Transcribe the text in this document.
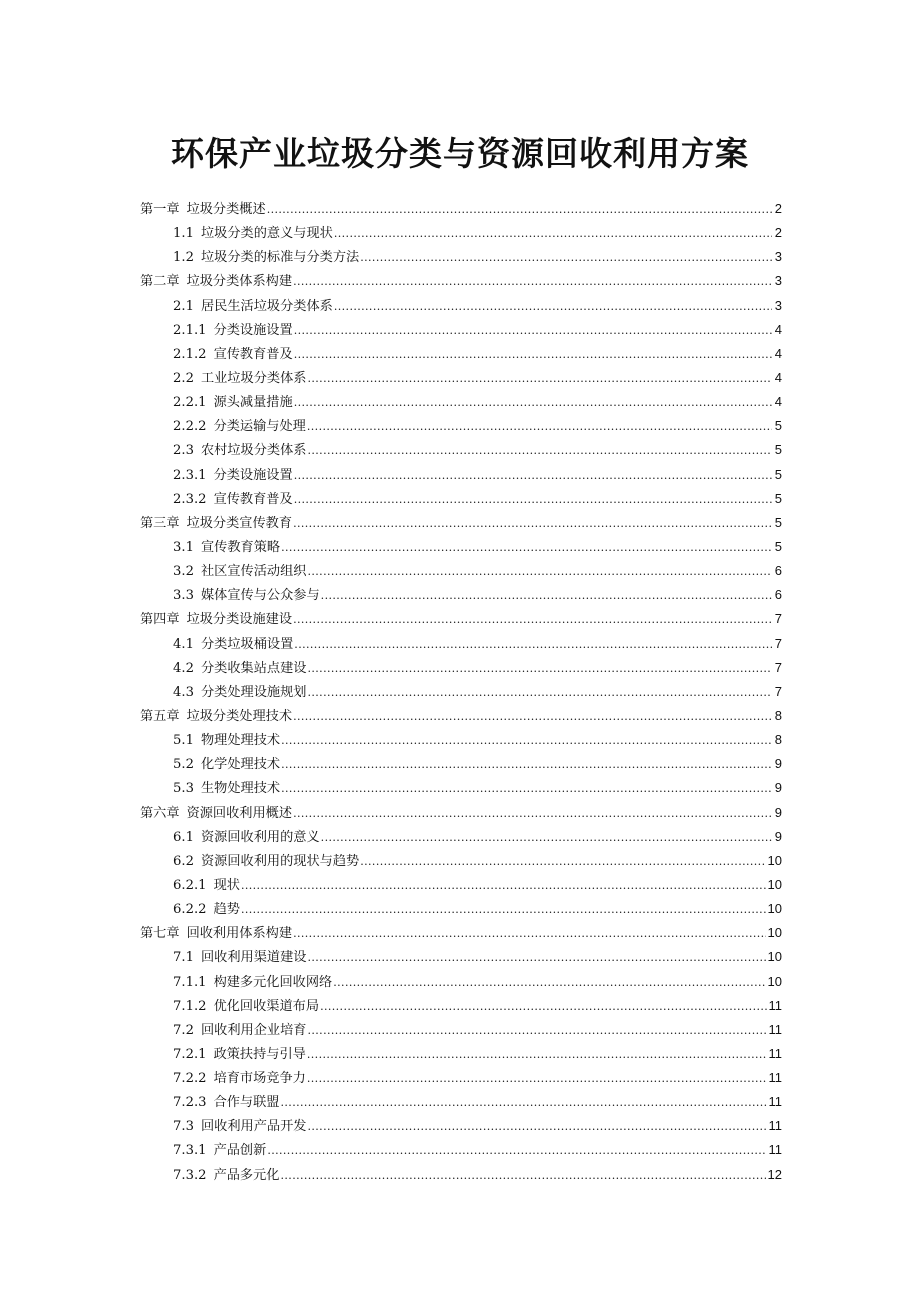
环保产业垃圾分类与资源回收利用方案
第一章 垃圾分类概述 .....	2
1.1 垃圾分类的意义与现状 .....	2
1.2 垃圾分类的标准与分类方法 .....	3
第二章 垃圾分类体系构建 .....	3
2.1 居民生活垃圾分类体系 .....	3
2.1.1 分类设施设置 .....	4
2.1.2 宣传教育普及 .....	4
2.2 工业垃圾分类体系 .....	4
2.2.1 源头减量措施 .....	4
2.2.2 分类运输与处理 .....	5
2.3 农村垃圾分类体系 .....	5
2.3.1 分类设施设置 .....	5
2.3.2 宣传教育普及 .....	5
第三章 垃圾分类宣传教育 .....	5
3.1 宣传教育策略 .....	5
3.2 社区宣传活动组织 .....	6
3.3 媒体宣传与公众参与 .....	6
第四章 垃圾分类设施建设 .....	7
4.1 分类垃圾桶设置 .....	7
4.2 分类收集站点建设 .....	7
4.3 分类处理设施规划 .....	7
第五章 垃圾分类处理技术 .....	8
5.1 物理处理技术 .....	8
5.2 化学处理技术 .....	9
5.3 生物处理技术 .....	9
第六章 资源回收利用概述 .....	9
6.1 资源回收利用的意义 .....	9
6.2 资源回收利用的现状与趋势 .....	10
6.2.1 现状 .....	10
6.2.2 趋势 .....	10
第七章 回收利用体系构建 .....	10
7.1 回收利用渠道建设 .....	10
7.1.1 构建多元化回收网络 .....	10
7.1.2 优化回收渠道布局 .....	11
7.2 回收利用企业培育 .....	11
7.2.1 政策扶持与引导 .....	11
7.2.2 培育市场竞争力 .....	11
7.2.3 合作与联盟 .....	11
7.3 回收利用产品开发 .....	11
7.3.1 产品创新 .....	11
7.3.2 产品多元化 .....	12
